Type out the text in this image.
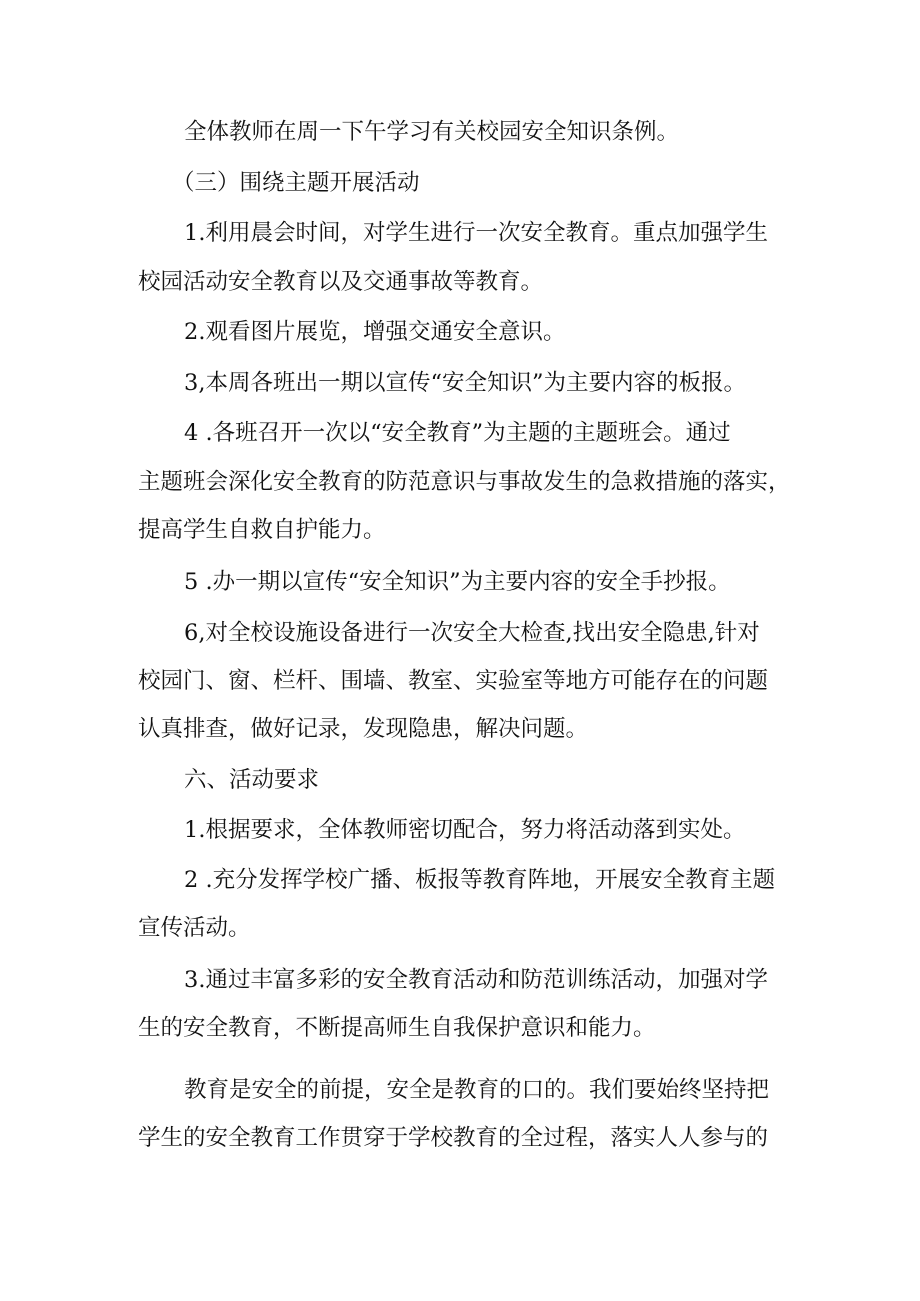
全体教师在周一下午学习有关校园安全知识条例。

（三）围绕主题开展活动

1.利用晨会时间，对学生进行一次安全教育。重点加强学生

校园活动安全教育以及交通事故等教育。

2.观看图片展览，增强交通安全意识。

3,本周各班出一期以宣传“安全知识”为主要内容的板报。

4 .各班召开一次以“安全教育”为主题的主题班会。通过

主题班会深化安全教育的防范意识与事故发生的急救措施的落实，

提高学生自救自护能力。

5 .办一期以宣传“安全知识”为主要内容的安全手抄报。

6,对全校设施设备进行一次安全大检查,找出安全隐患,针对

校园门、窗、栏杆、围墙、教室、实验室等地方可能存在的问题

认真排查，做好记录，发现隐患，解决问题。

六、活动要求

1.根据要求，全体教师密切配合，努力将活动落到实处。

2 .充分发挥学校广播、板报等教育阵地，开展安全教育主题

宣传活动。

3.通过丰富多彩的安全教育活动和防范训练活动，加强对学

生的安全教育，不断提高师生自我保护意识和能力。

教育是安全的前提，安全是教育的口的。我们要始终坚持把

学生的安全教育工作贯穿于学校教育的全过程，落实人人参与的
